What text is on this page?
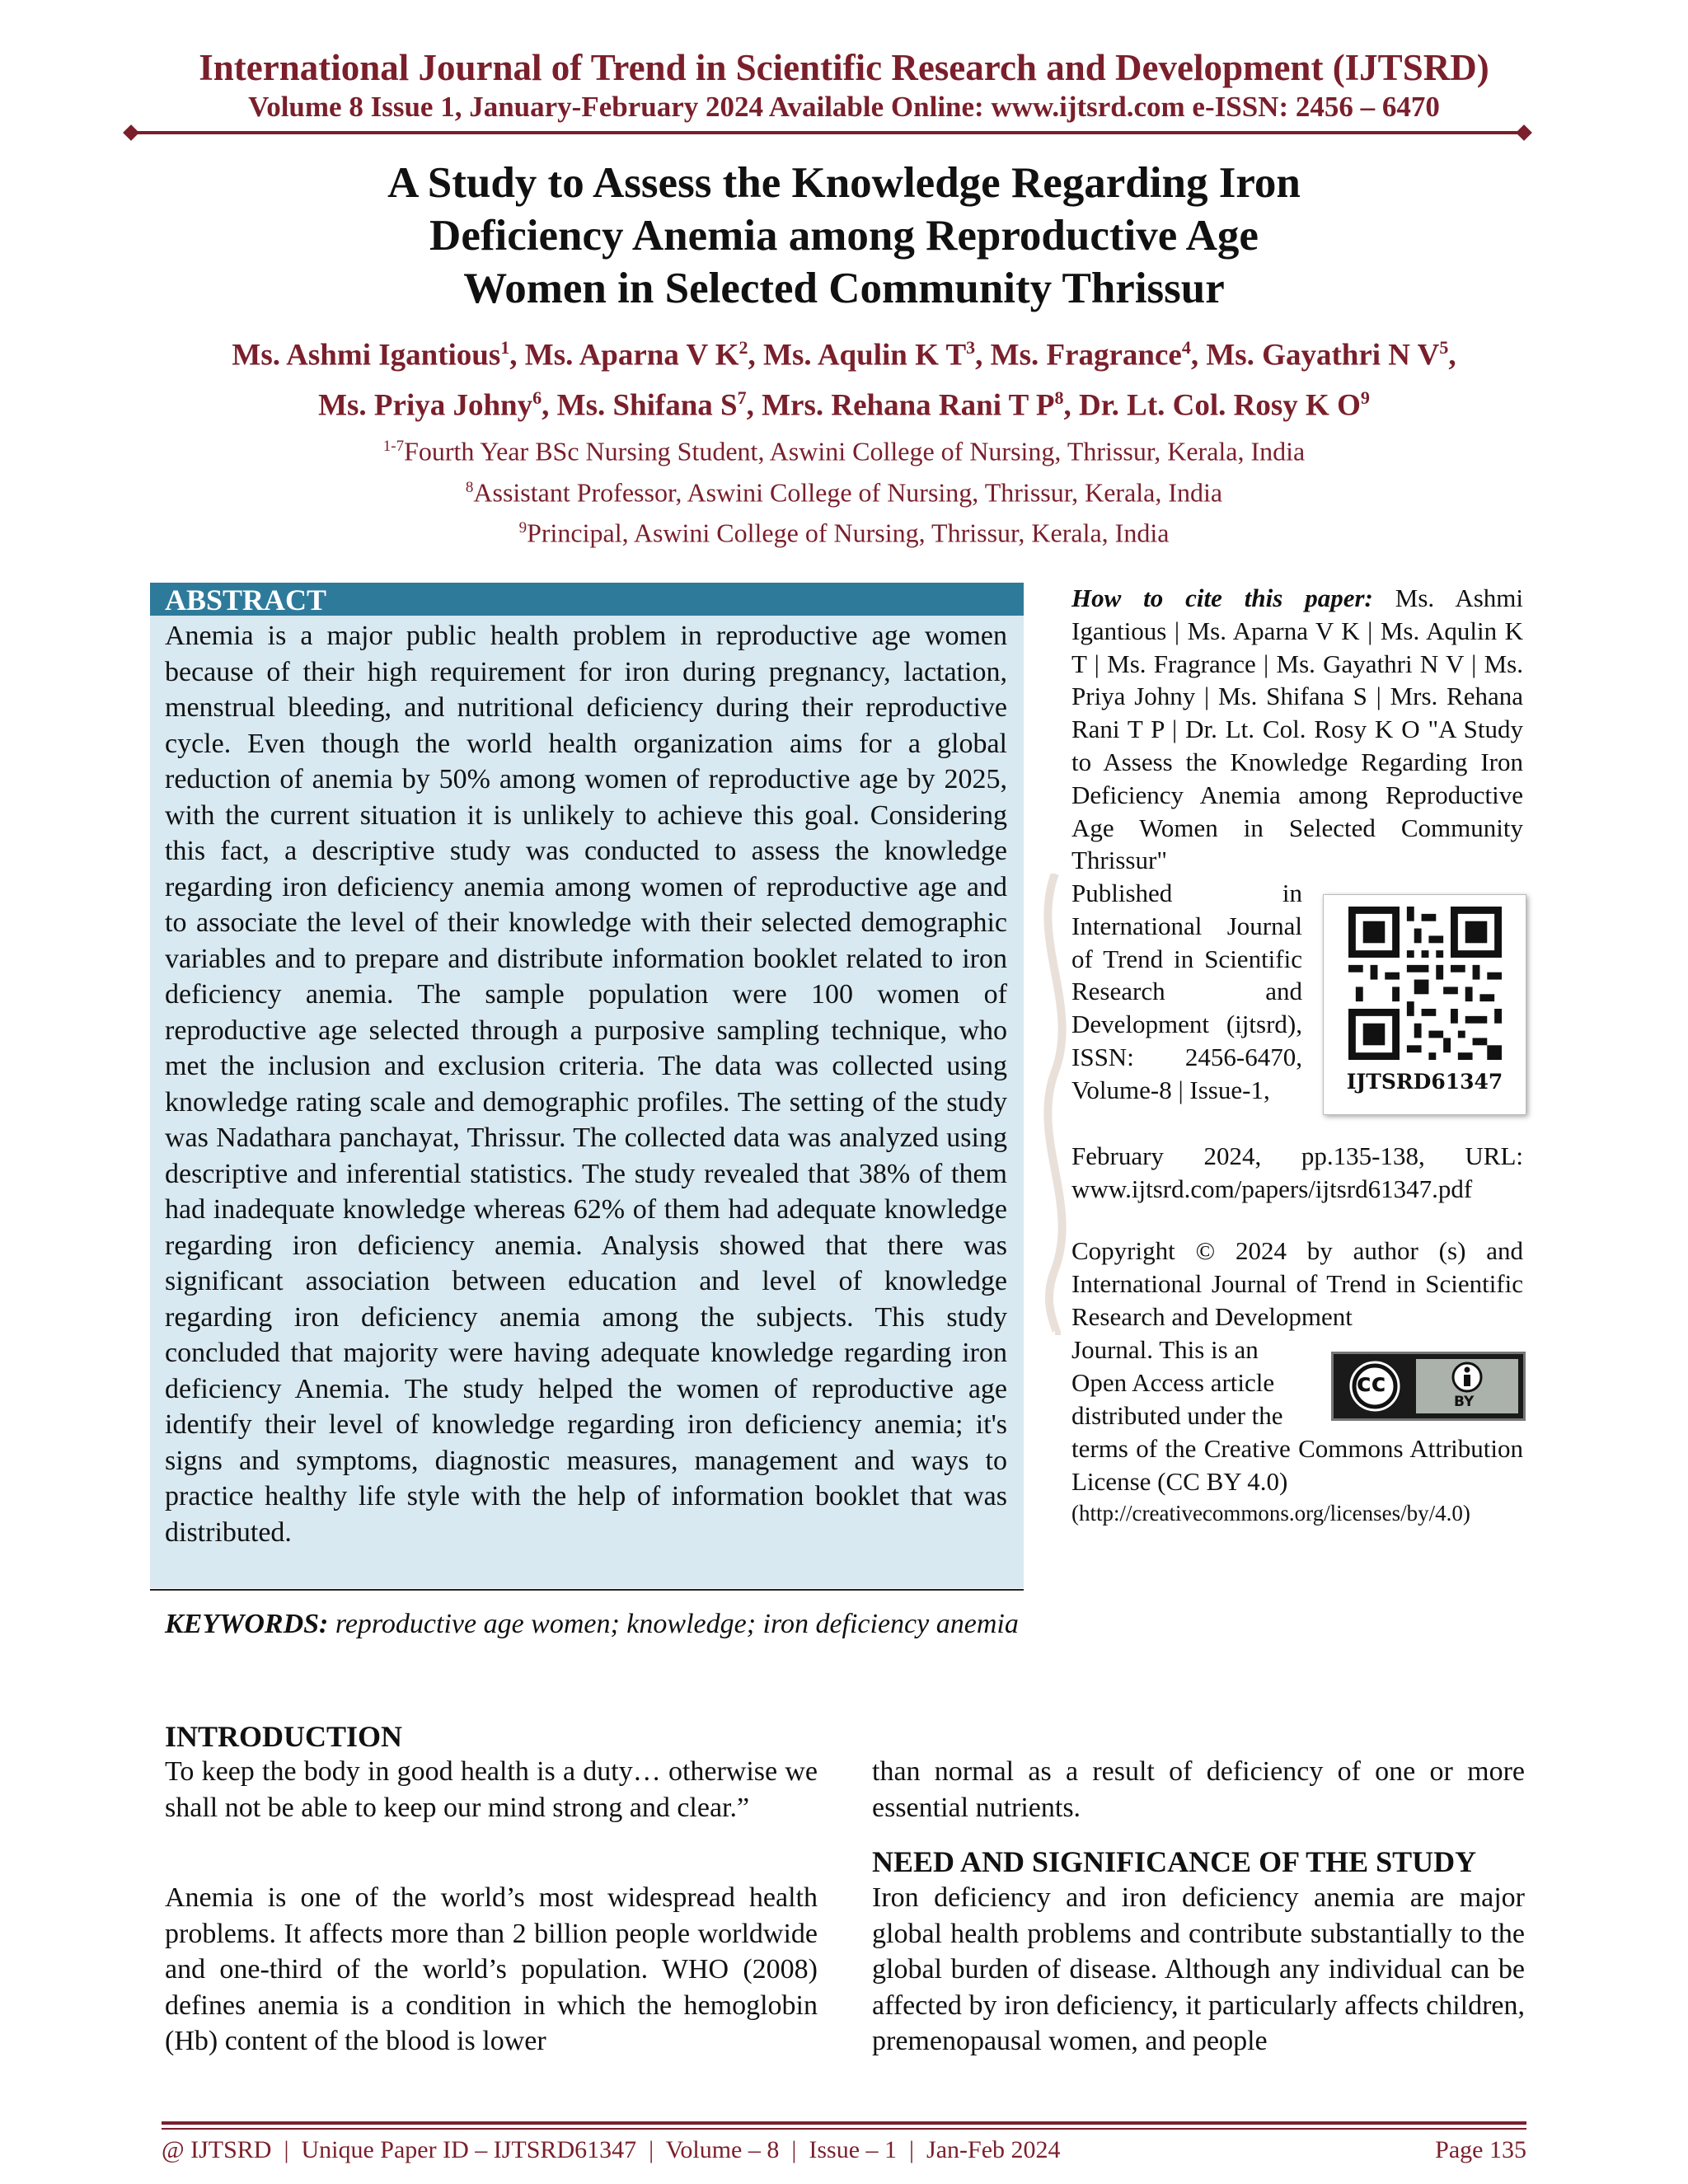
International Journal of Trend in Scientific Research and Development (IJTSRD)
Volume 8 Issue 1, January-February 2024 Available Online: www.ijtsrd.com e-ISSN: 2456 – 6470
A Study to Assess the Knowledge Regarding Iron
Deficiency Anemia among Reproductive Age
Women in Selected Community Thrissur
Ms. Ashmi Igantious$^1$, Ms. Aparna V $K^2$, Ms. Aqulin K $T^3$, Ms. Fragrance$^4$, Ms. Gayathri N $V^5$,
Ms. Priya Johny$^6$, Ms. Shifana $S^7$, Mrs. Rehana Rani T $P^8$, Dr. Lt. Col. Rosy K $O^9$
$^{1-7}$Fourth Year BSc Nursing Student, Aswini College of Nursing, Thrissur, Kerala, India
$^8$Assistant Professor, Aswini College of Nursing, Thrissur, Kerala, India
$^9$Principal, Aswini College of Nursing, Thrissur, Kerala, India
ABSTRACT
Anemia is a major public health problem in reproductive age women because of their high requirement for iron during pregnancy, lactation, menstrual bleeding, and nutritional deficiency during their reproductive cycle. Even though the world health organization aims for a global reduction of anemia by 50% among women of reproductive age by 2025, with the current situation it is unlikely to achieve this goal. Considering this fact, a descriptive study was conducted to assess the knowledge regarding iron deficiency anemia among women of reproductive age and to associate the level of their knowledge with their selected demographic variables and to prepare and distribute information booklet related to iron deficiency anemia. The sample population were 100 women of reproductive age selected through a purposive sampling technique, who met the inclusion and exclusion criteria. The data was collected using knowledge rating scale and demographic profiles. The setting of the study was Nadathara panchayat, Thrissur. The collected data was analyzed using descriptive and inferential statistics. The study revealed that 38% of them had inadequate knowledge whereas 62% of them had adequate knowledge regarding iron deficiency anemia. Analysis showed that there was significant association between education and level of knowledge regarding iron deficiency anemia among the subjects. This study concluded that majority were having adequate knowledge regarding iron deficiency Anemia. The study helped the women of reproductive age identify their level of knowledge regarding iron deficiency anemia; it's signs and symptoms, diagnostic measures, management and ways to practice healthy life style with the help of information booklet that was distributed.
KEYWORDS: reproductive age women; knowledge; iron deficiency anemia
How to cite this paper: Ms. Ashmi Igantious | Ms. Aparna V K | Ms. Aqulin K T | Ms. Fragrance | Ms. Gayathri N V | Ms. Priya Johny | Ms. Shifana S | Mrs. Rehana Rani T P | Dr. Lt. Col. Rosy K O "A Study to Assess the Knowledge Regarding Iron Deficiency Anemia among Reproductive Age Women in Selected Community Thrissur"
Published in International Journal of Trend in Scientific Research and Development (ijtsrd), ISSN: 2456-6470, Volume-8 | Issue-1,
February 2024, pp.135-138, URL: www.ijtsrd.com/papers/ijtsrd61347.pdf
IJTSRD61347
Copyright © 2024 by author (s) and International Journal of Trend in Scientific Research and Development
Journal. This is an Open Access article distributed under the
cc
BY
terms of the Creative Commons Attribution License (CC BY 4.0)
(http://creativecommons.org/licenses/by/4.0)
INTRODUCTION
To keep the body in good health is a duty… otherwise we shall not be able to keep our mind strong and clear.”
Anemia is one of the world’s most widespread health problems. It affects more than 2 billion people worldwide and one-third of the world’s population. WHO (2008) defines anemia is a condition in which the hemoglobin (Hb) content of the blood is lower
than normal as a result of deficiency of one or more essential nutrients.
NEED AND SIGNIFICANCE OF THE STUDY
Iron deficiency and iron deficiency anemia are major global health problems and contribute substantially to the global burden of disease. Although any individual can be affected by iron deficiency, it particularly affects children, premenopausal women, and people
@ IJTSRD  |  Unique Paper ID – IJTSRD61347  |  Volume – 8  |  Issue – 1  |  Jan-Feb 2024	Page 135
